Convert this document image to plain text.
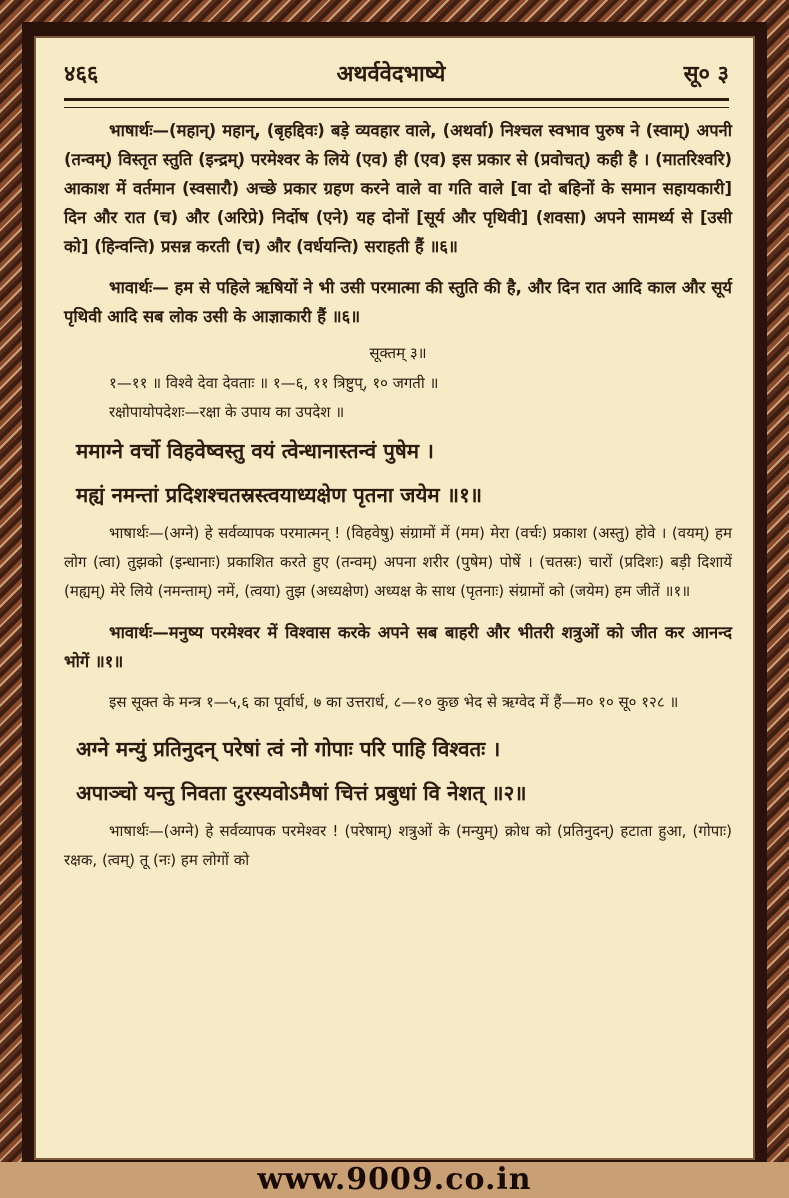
४६६	अथर्ववेदभाष्ये	सू० ३

भाषार्थः—(महान्) महान्, (बृहद्दिवः) बड़े व्यवहार वाले, (अथर्वा) निश्चल स्वभाव पुरुष ने (स्वाम्) अपनी (तन्वम्) विस्तृत स्तुति (इन्द्रम्) परमेश्वर के लिये (एव) ही (एव) इस प्रकार से (प्रवोचत्) कही है । (मातरिश्वरि) आकाश में वर्तमान (स्वसारौ) अच्छे प्रकार ग्रहण करने वाले वा गति वाले [वा दो बहिनों के समान सहायकारी] दिन और रात (च) और (अरिप्रे) निर्दोष (एने) यह दोनों [सूर्य और पृथिवी] (शवसा) अपने सामर्थ्य से [उसी को] (हिन्वन्ति) प्रसन्न करती (च) और (वर्धयन्ति) सराहती हैं ॥६॥

भावार्थः— हम से पहिले ऋषियों ने भी उसी परमात्मा की स्तुति की है, और दिन रात आदि काल और सूर्य पृथिवी आदि सब लोक उसी के आज्ञाकारी हैं ॥६॥

सूक्तम् ३॥

१—११ ॥ विश्वे देवा देवताः ॥ १—६, ११ त्रिष्टुप्, १० जगती ॥

रक्षोपायोपदेशः—रक्षा के उपाय का उपदेश ॥

ममाग्ने वर्चो विहवेष्वस्तु वयं त्वेन्धानास्तन्वं पुषेम ।

मह्यं नमन्तां प्रदिशश्चतस्रस्त्वयाध्यक्षेण पृतना जयेम ॥१॥

भाषार्थः—(अग्ने) हे सर्वव्यापक परमात्मन् ! (विहवेषु) संग्रामों में (मम) मेरा (वर्चः) प्रकाश (अस्तु) होवे । (वयम्) हम लोग (त्वा) तुझको (इन्धानाः) प्रकाशित करते हुए (तन्वम्) अपना शरीर (पुषेम) पोषें । (चतस्रः) चारों (प्रदिशः) बड़ी दिशायें (मह्यम्) मेरे लिये (नमन्ताम्) नमें, (त्वया) तुझ (अध्यक्षेण) अध्यक्ष के साथ (पृतनाः) संग्रामों को (जयेम) हम जीतें ॥१॥

भावार्थः—मनुष्य परमेश्वर में विश्वास करके अपने सब बाहरी और भीतरी शत्रुओं को जीत कर आनन्द भोगें ॥१॥

इस सूक्त के मन्त्र १—५,६ का पूर्वार्ध, ७ का उत्तरार्ध, ८—१० कुछ भेद से ऋग्वेद में हैं—म० १० सू० १२८ ॥

अग्ने मन्युं प्रतिनुदन् परेषां त्वं नो गोपाः परि पाहि विश्वतः ।

अपाञ्चो यन्तु निवता दुरस्यवोऽमैषां चित्तं प्रबुधां वि नेशत् ॥२॥

भाषार्थः—(अग्ने) हे सर्वव्यापक परमेश्वर ! (परेषाम्) शत्रुओं के (मन्युम्) क्रोध को (प्रतिनुदन्) हटाता हुआ, (गोपाः) रक्षक, (त्वम्) तू (नः) हम लोगों को

www.9009.co.in
